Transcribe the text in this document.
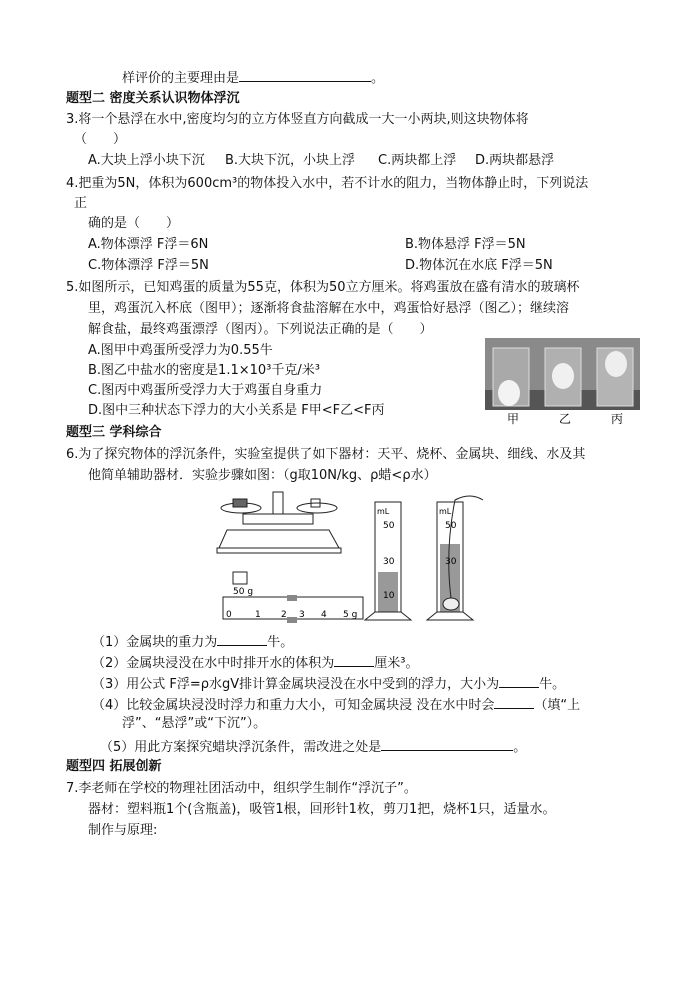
样评价的主要理由是	。
题型二 密度关系认识物体浮沉
3.将一个悬浮在水中,密度均匀的立方体竖直方向截成一大一小两块,则这块物体将
（　　）
A.大块上浮小块下沉 B.大块下沉，小块上浮 C.两块都上浮 D.两块都悬浮
4.把重为5N，体积为600cm³的物体投入水中，若不计水的阻力，当物体静止时，下列说法
正
确的是（　　）
A.物体漂浮 F浮＝6N	B.物体悬浮 F浮＝5N
C.物体漂浮 F浮＝5N	D.物体沉在水底 F浮＝5N
5.如图所示，已知鸡蛋的质量为55克，体积为50立方厘米。将鸡蛋放在盛有清水的玻璃杯
里，鸡蛋沉入杯底（图甲）；逐渐将食盐溶解在水中，鸡蛋恰好悬浮（图乙）；继续溶
解食盐，最终鸡蛋漂浮（图丙）。下列说法正确的是（　　）
A.图甲中鸡蛋所受浮力为0.55牛
B.图乙中盐水的密度是1.1×10³千克/米³
C.图丙中鸡蛋所受浮力大于鸡蛋自身重力
D.图中三种状态下浮力的大小关系是 F甲<F乙<F丙
甲	乙	丙
题型三 学科综合
6.为了探究物体的浮沉条件，实验室提供了如下器材：天平、烧杯、金属块、细线、水及其
他简单辅助器材．实验步骤如图：（g取10N/kg、ρ蜡<ρ水）
50 g
0	1 2 3 4 5 g
mL
50
30
10
mL
50
30
（1）金属块的重力为	牛。
（2）金属块浸没在水中时排开水的体积为	厘米³。
（3）用公式 F浮=ρ水gV排计算金属块浸没在水中受到的浮力，大小为	牛。
（4）比较金属块浸没时浮力和重力大小，可知金属块浸 没在水中时会	（填“上
浮”、“悬浮”或“下沉”）。
（5）用此方案探究蜡块浮沉条件，需改进之处是	。
题型四 拓展创新
7.李老师在学校的物理社团活动中，组织学生制作“浮沉子”。
器材：塑料瓶1个(含瓶盖)，吸管1根，回形针1枚，剪刀1把，烧杯1只，适量水。
制作与原理:
